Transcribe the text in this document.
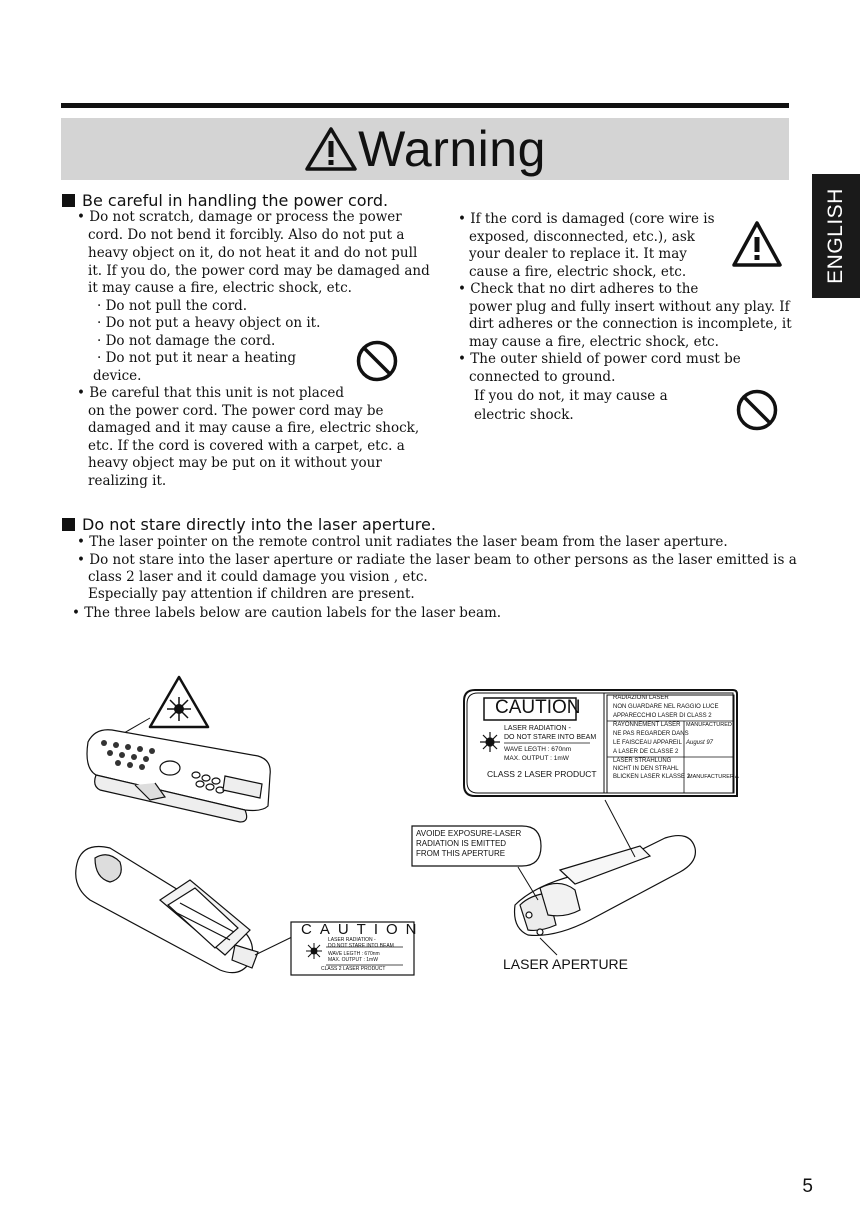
Warning
ENGLISH
Be careful in handling the power cord.
• Do not scratch, damage or process the power
cord. Do not bend it forcibly. Also do not put a
heavy object on it, do not heat it and do not pull
it. If you do, the power cord may be damaged and
it may cause a fire, electric shock, etc.
· Do not pull the cord.
· Do not put a heavy object on it.
· Do not damage the cord.
· Do not put it near a heating
device.
• Be careful that this unit is not placed
on the power cord. The power cord may be
damaged and it may cause a fire, electric shock,
etc. If the cord is covered with a carpet, etc. a
heavy object may be put on it without your
realizing it.
• If the cord is damaged (core wire is
exposed, disconnected, etc.), ask
your dealer to replace it. It may
cause a fire, electric shock, etc.
• Check that no dirt adheres to the
power plug and fully insert without any play. If
dirt adheres or the connection is incomplete, it
may cause a fire, electric shock, etc.
• The outer shield of power cord must be
connected to ground.
If you do not, it may cause a
electric shock.
Do not stare directly into the laser aperture.
• The laser pointer on the remote control unit radiates the laser beam from the laser aperture.
• Do not stare into the laser aperture or radiate the laser beam to other persons as the laser emitted is a
class 2 laser and it could damage you vision , etc.
Especially pay attention if children are present.
• The three labels below are caution labels for the laser beam.
CAUTION
LASER RADIATION -
DO NOT STARE INTO BEAM
WAVE LEGTH : 670nm
MAX. OUTPUT : 1mW
CLASS 2 LASER PRODUCT
RADIAZIONI LASER
NON GUARDARE NEL RAGGIO LUCE
APPARECCHIO LASER DI CLASS 2
RAYONNEMENT LASER
NE PAS REGARDER DANS
LE FAISCEAU APPAREIL
A LASER DE CLASSE 2
LASER STRAHLUNG
NICHT IN DEN STRAHL
BLICKEN LASER KLASSE 2
MANUFACTURED
August 97
MANUFACTURER A
AVOIDE EXPOSURE-LASER
RADIATION IS EMITTED
FROM THIS APERTURE
CAUTION
LASER RADIATION -
DO NOT STARE INTO BEAM
WAVE LEGTH : 670nm
MAX. OUTPUT : 1mW
CLASS 2 LASER PRODUCT	LASER APERTURE
5
